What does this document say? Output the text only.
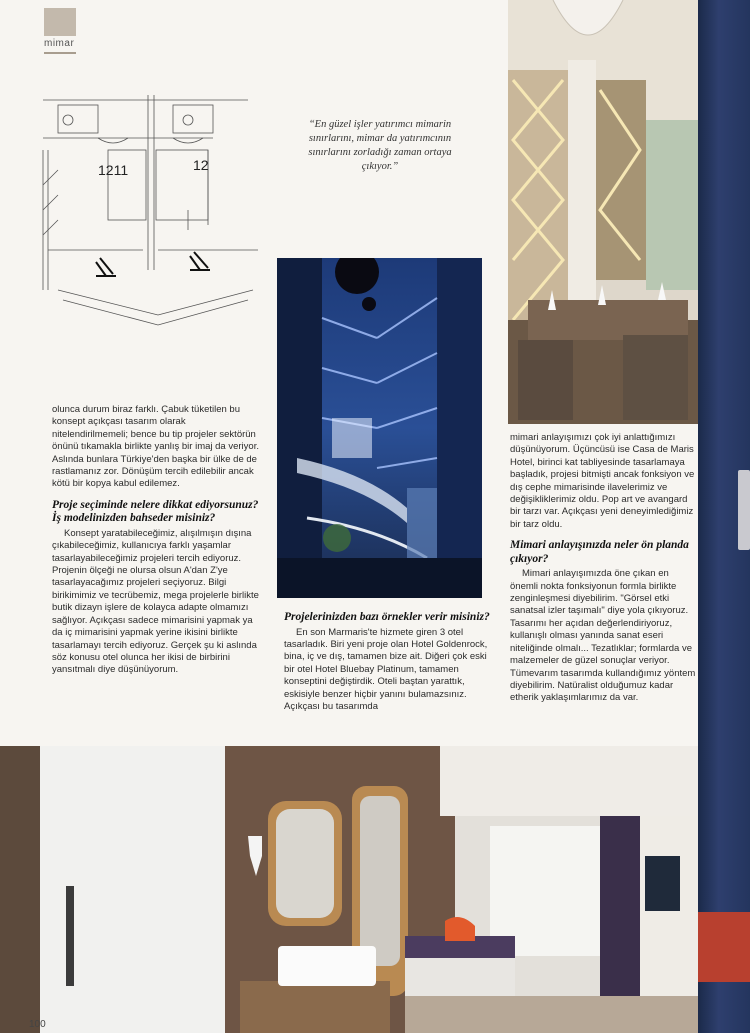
mimar
1211	12
“En güzel işler yatırımcı mimarin sınırlarını, mimar da yatırımcının sınırlarını zorladığı zaman ortaya çıkıyor.”

olunca durum biraz farklı. Çabuk tüketilen bu konsept açıkçası tasarım olarak nitelendirilmemeli; bence bu tip projeler sektörün önünü tıkamakla birlikte yanlış bir imaj da veriyor. Aslında bunlara Türkiye'den başka bir ülke de de rastlamanız zor. Dönüşüm tercih edilebilir ancak kötü bir kopya kabul edilemez.

Proje seçiminde nelere dikkat ediyorsunuz? İş modelinizden bahseder misiniz?

Konsept yaratabileceğimiz, alışılmışın dışına çıkabileceğimiz, kullanıcıya farklı yaşamlar tasarlayabileceğimiz projeleri tercih ediyoruz. Projenin ölçeği ne olursa olsun A'dan Z'ye tasarlayacağımız projeleri seçiyoruz. Bilgi birikimimiz ve tecrübemiz, mega projelerle birlikte butik dizayn işlere de kolayca adapte olmamızı sağlıyor. Açıkçası sadece mimarisini yapmak ya da iç mimarisini yapmak yerine ikisini birlikte tasarlamayı tercih ediyoruz. Gerçek şu ki aslında söz konusu otel olunca her ikisi de birbirini yansıtmalı diye düşünüyorum.

Projelerinizden bazı örnekler verir misiniz?

En son Marmaris'te hizmete giren 3 otel tasarladık. Biri yeni proje olan Hotel Goldenrock, bina, iç ve dış, tamamen bize ait. Diğeri çok eski bir otel Hotel Bluebay Platinum, tamamen konseptini değiştirdik. Oteli baştan yarattık, eskisiyle benzer hiçbir yanını bulamazsınız. Açıkçası bu tasarımda

mimari anlayışımızı çok iyi anlattığımızı düşünüyorum. Üçüncüsü ise Casa de Maris Hotel, birinci kat tabliyesinde tasarlamaya başladık, projesi bitmişti ancak fonksiyon ve dış cephe mimarisinde ilavelerimiz ve değişikliklerimiz oldu. Pop art ve avangard bir tarzı var. Açıkçası yeni deneyimlediğimiz bir tarz oldu.

Mimari anlayışınızda neler ön planda çıkıyor?

Mimari anlayışımızda öne çıkan en önemli nokta fonksiyonun formla birlikte zenginleşmesi diyebilirim. "Görsel etki sanatsal izler taşımalı" diye yola çıkıyoruz. Tasarımı her açıdan değerlendiriyoruz, kullanışlı olması yanında sanat eseri niteliğinde olmalı... Tezatlıklar; formlarda ve malzemeler de güzel sonuçlar veriyor. Tümevarım tasarımda kullandığımız yöntem diyebilirim. Natüralist olduğumuz kadar etherik yaklaşımlarımız da var.

100
